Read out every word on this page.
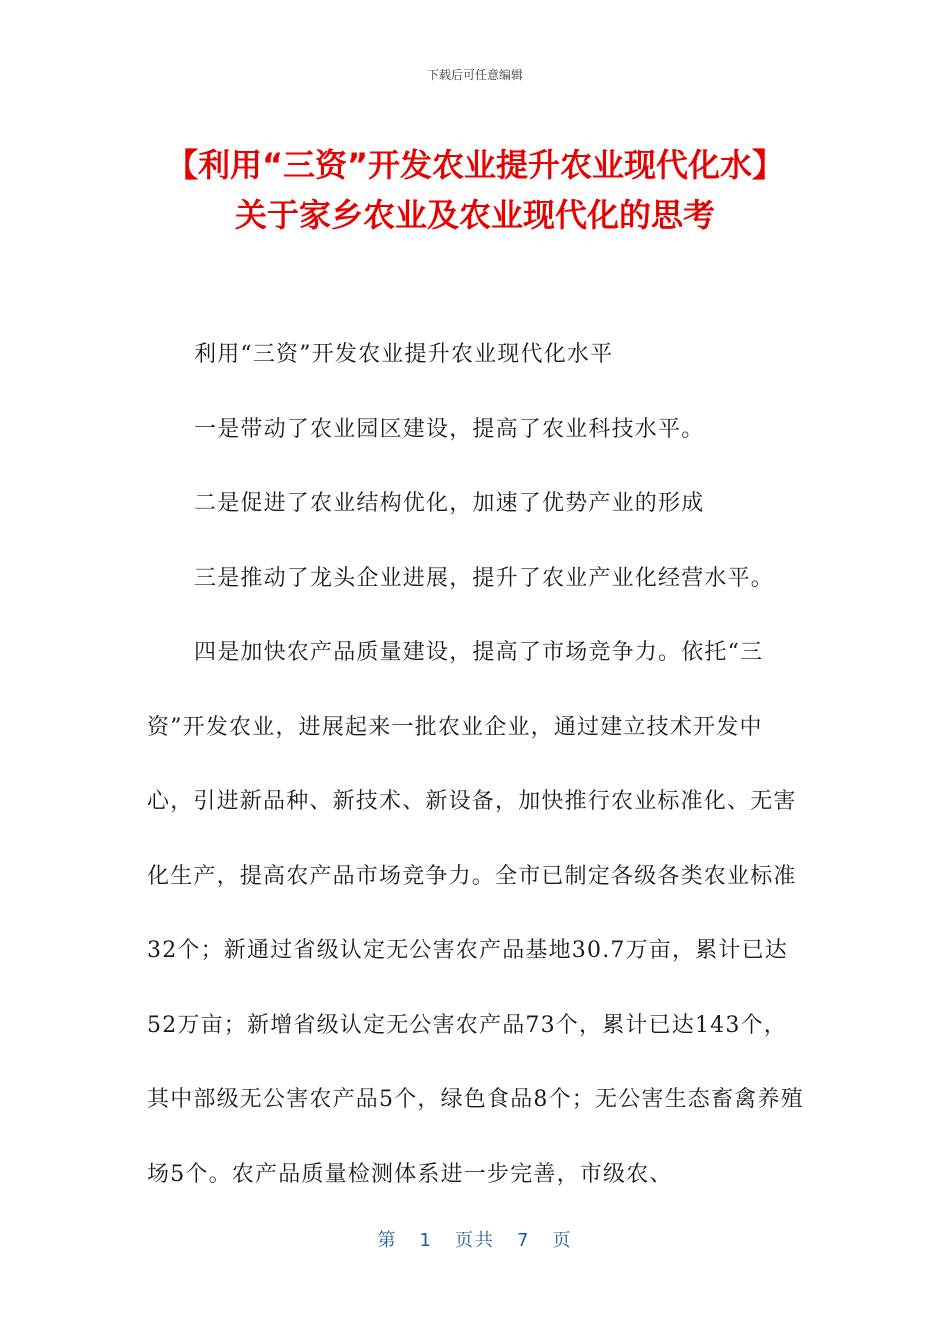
下载后可任意编辑
【利用“三资”开发农业提升农业现代化水】关于家乡农业及农业现代化的思考

利用“三资”开发农业提升农业现代化水平

一是带动了农业园区建设，提高了农业科技水平。

二是促进了农业结构优化，加速了优势产业的形成

三是推动了龙头企业进展，提升了农业产业化经营水平。

四是加快农产品质量建设，提高了市场竞争力。依托“三资”开发农业，进展起来一批农业企业，通过建立技术开发中心，引进新品种、新技术、新设备，加快推行农业标准化、无害化生产，提高农产品市场竞争力。全市已制定各级各类农业标准32个；新通过省级认定无公害农产品基地30.7万亩，累计已达52万亩；新增省级认定无公害农产品73个，累计已达143个，其中部级无公害农产品5个，绿色食品8个；无公害生态畜禽养殖场5个。农产品质量检测体系进一步完善，市级农、

第 1 页共 7 页
